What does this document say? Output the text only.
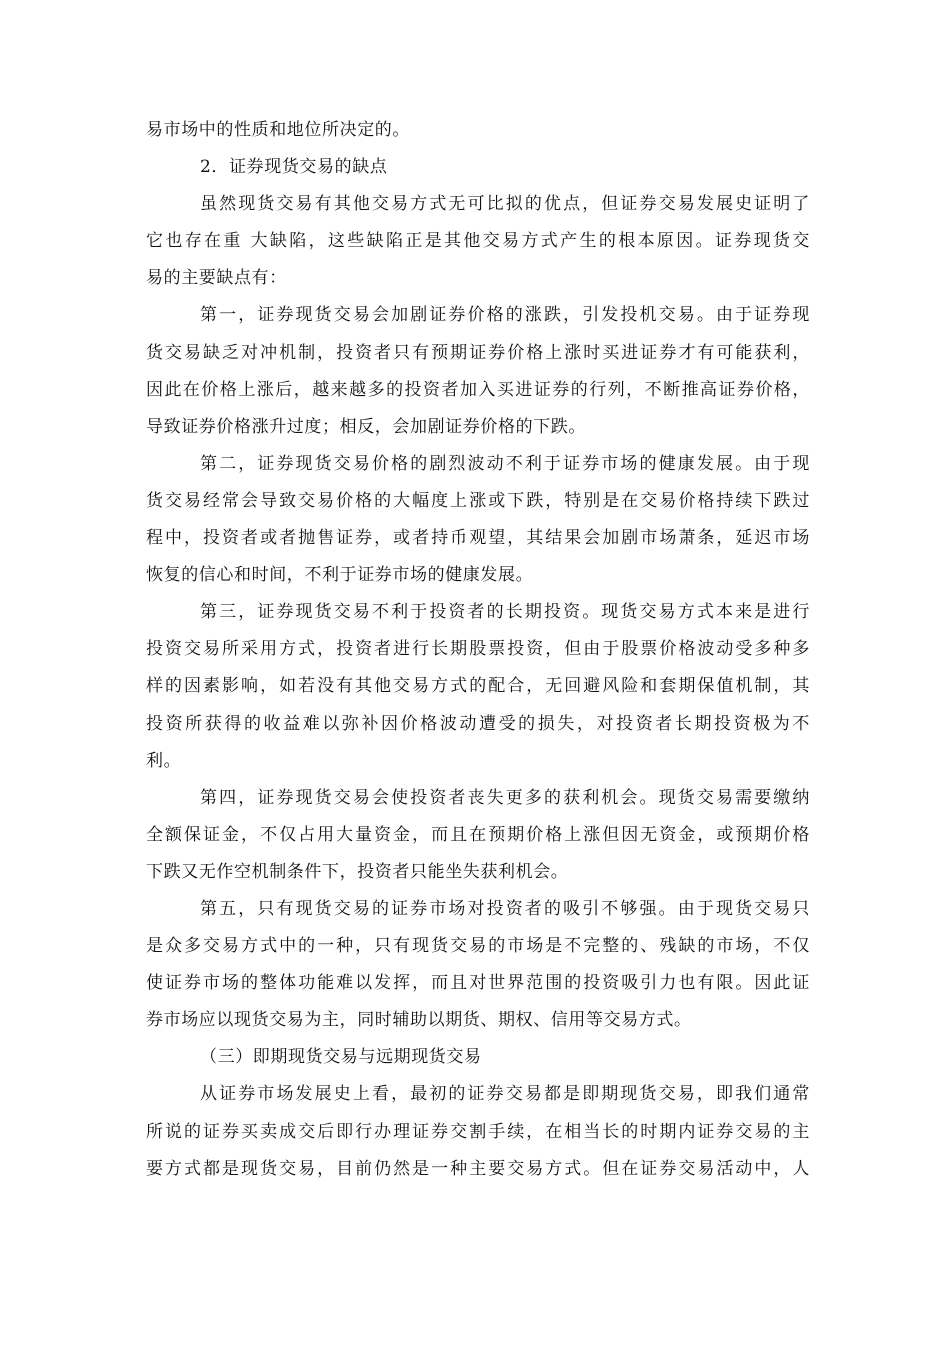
易市场中的性质和地位所决定的。
2．证券现货交易的缺点
虽然现货交易有其他交易方式无可比拟的优点，但证券交易发展史证明了
它也存在重 大缺陷，这些缺陷正是其他交易方式产生的根本原因。证券现货交
易的主要缺点有：
第一，证券现货交易会加剧证券价格的涨跌，引发投机交易。由于证券现
货交易缺乏对冲机制，投资者只有预期证券价格上涨时买进证券才有可能获利，
因此在价格上涨后，越来越多的投资者加入买进证券的行列，不断推高证券价格，
导致证券价格涨升过度；相反，会加剧证券价格的下跌。
第二，证券现货交易价格的剧烈波动不利于证券市场的健康发展。由于现
货交易经常会导致交易价格的大幅度上涨或下跌，特别是在交易价格持续下跌过
程中，投资者或者抛售证券，或者持币观望，其结果会加剧市场萧条，延迟市场
恢复的信心和时间，不利于证券市场的健康发展。
第三，证券现货交易不利于投资者的长期投资。现货交易方式本来是进行
投资交易所采用方式，投资者进行长期股票投资，但由于股票价格波动受多种多
样的因素影响，如若没有其他交易方式的配合，无回避风险和套期保值机制，其
投资所获得的收益难以弥补因价格波动遭受的损失，对投资者长期投资极为不
利。
第四，证券现货交易会使投资者丧失更多的获利机会。现货交易需要缴纳
全额保证金，不仅占用大量资金，而且在预期价格上涨但因无资金，或预期价格
下跌又无作空机制条件下，投资者只能坐失获利机会。
第五，只有现货交易的证券市场对投资者的吸引不够强。由于现货交易只
是众多交易方式中的一种，只有现货交易的市场是不完整的、残缺的市场，不仅
使证券市场的整体功能难以发挥，而且对世界范围的投资吸引力也有限。因此证
券市场应以现货交易为主，同时辅助以期货、期权、信用等交易方式。
（三）即期现货交易与远期现货交易
从证券市场发展史上看，最初的证券交易都是即期现货交易，即我们通常
所说的证券买卖成交后即行办理证券交割手续，在相当长的时期内证券交易的主
要方式都是现货交易，目前仍然是一种主要交易方式。但在证券交易活动中，人
